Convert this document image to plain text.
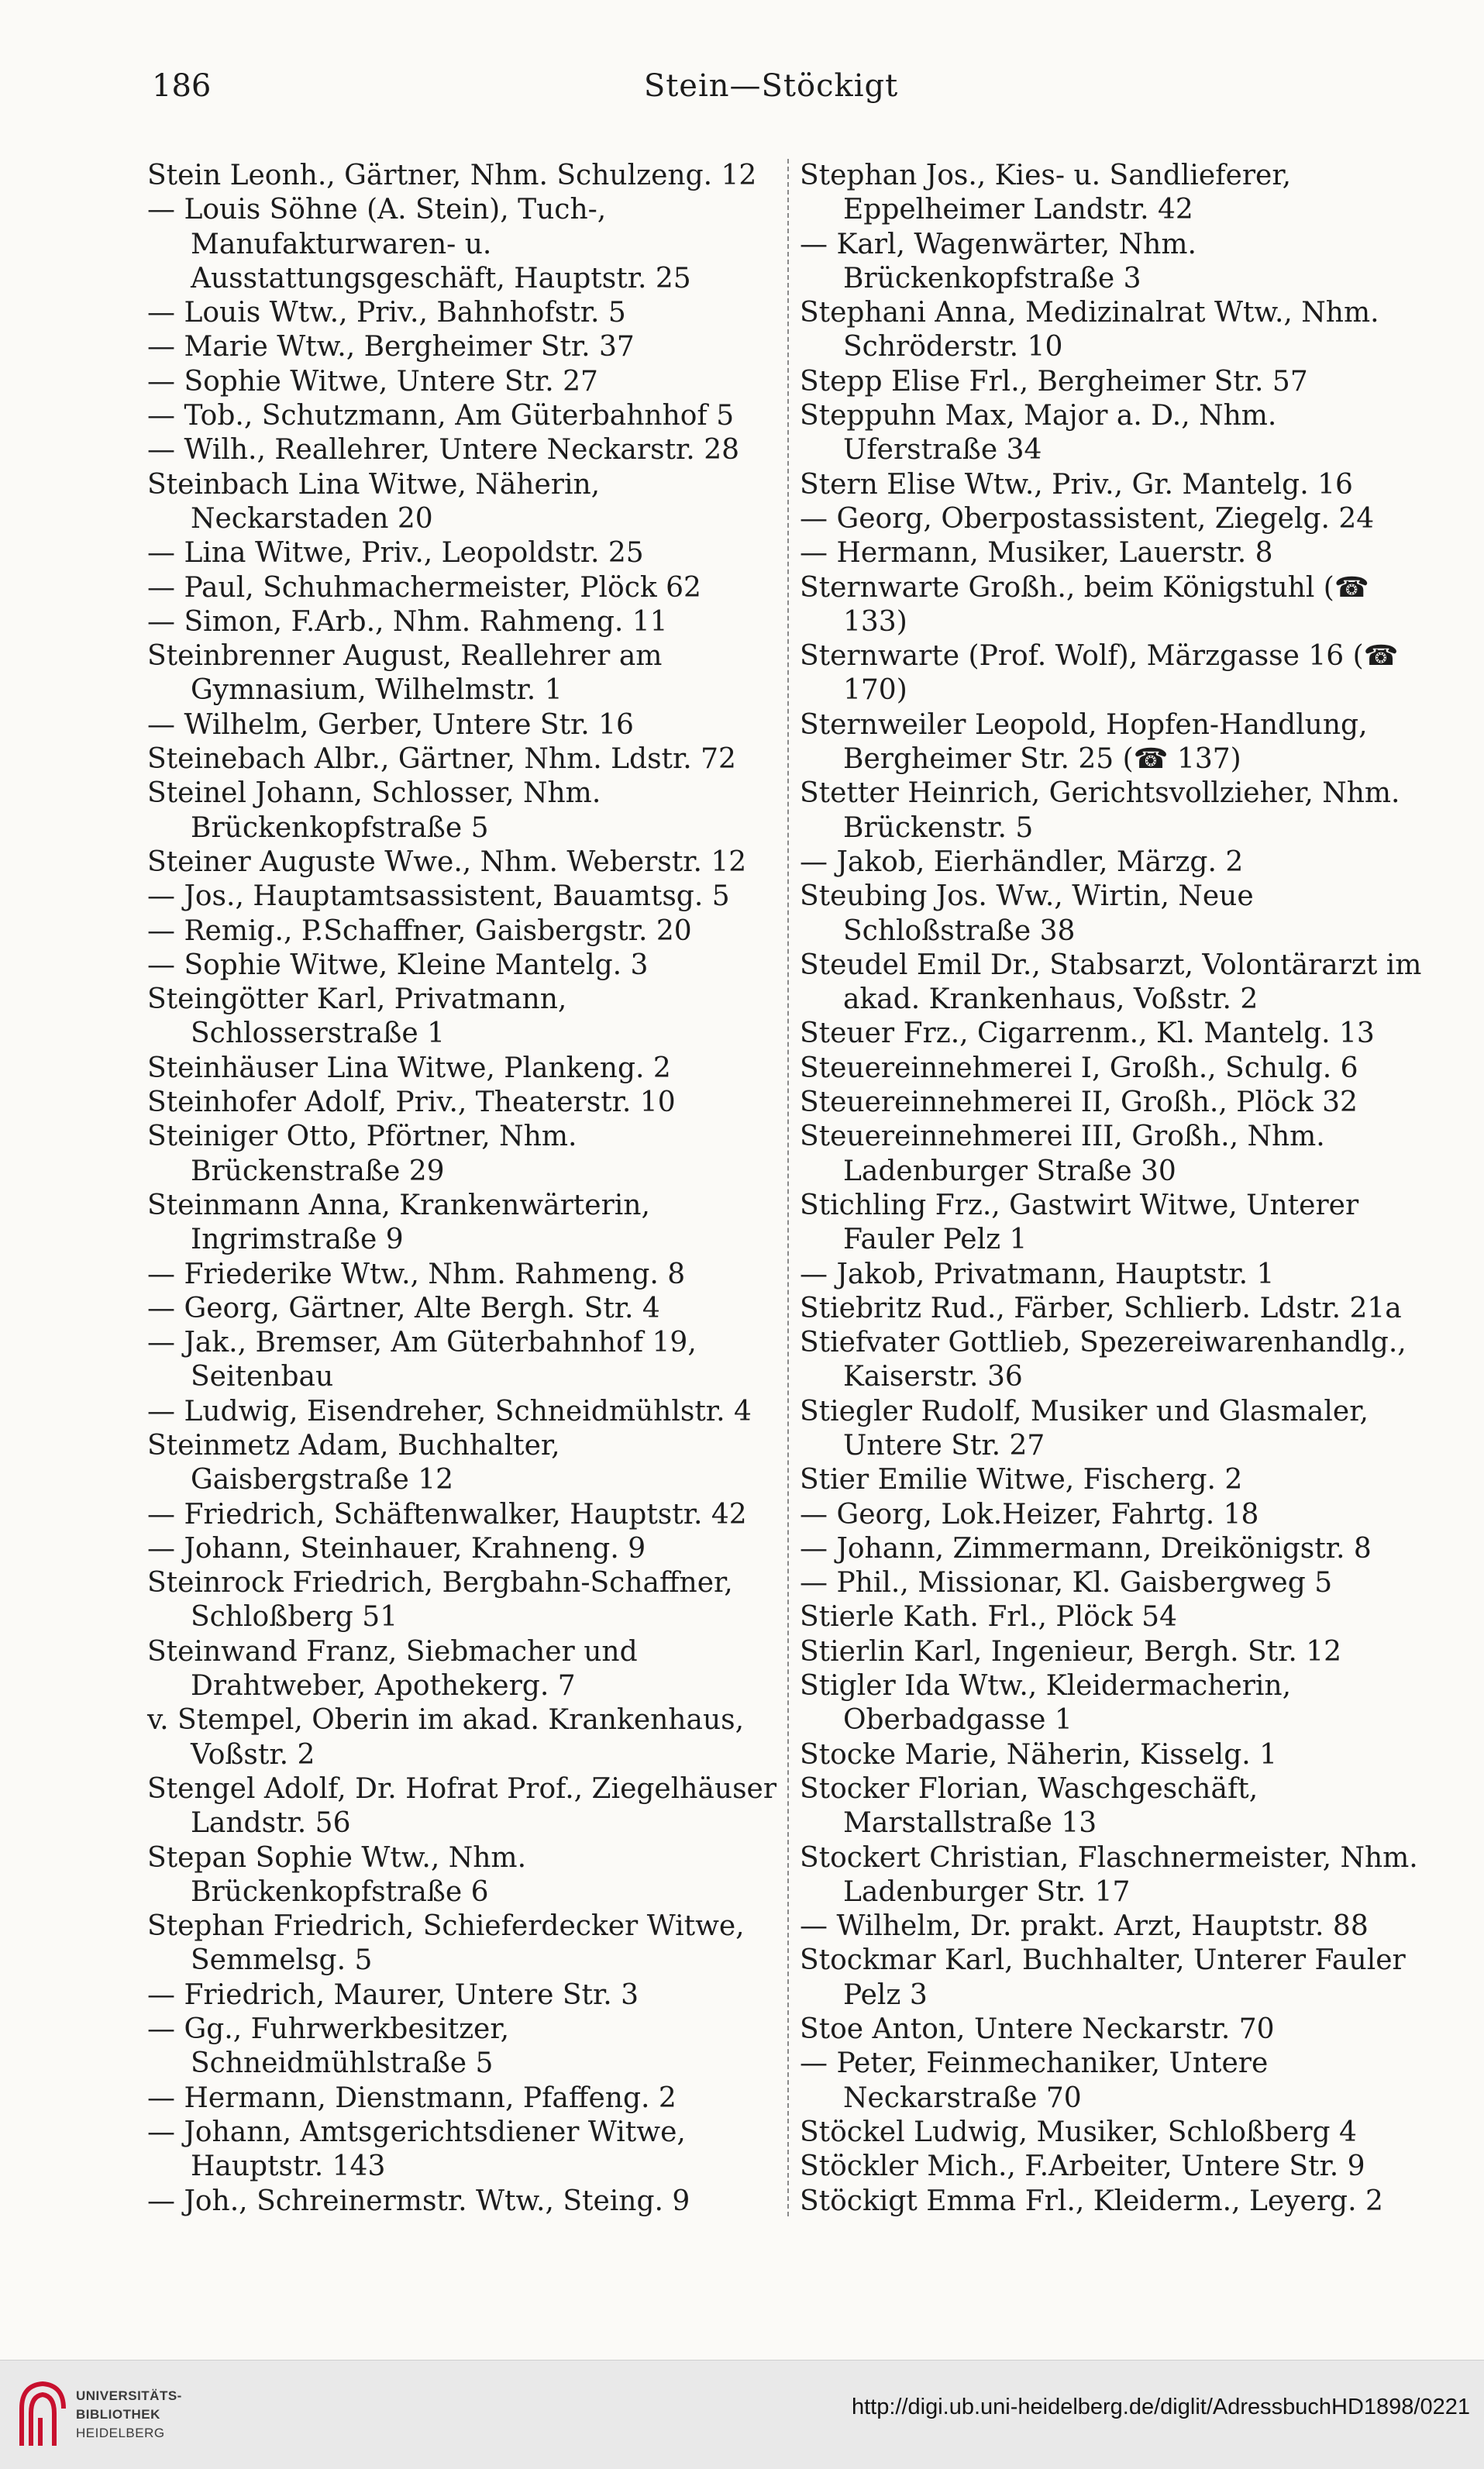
186	Stein—Stöckigt
Stein Leonh., Gärtner, Nhm. Schulzeng. 12
— Louis Söhne (A. Stein), Tuch-, Manufakturwaren- u. Ausstattungsgeschäft, Hauptstr. 25
— Louis Wtw., Priv., Bahnhofstr. 5
— Marie Wtw., Bergheimer Str. 37
— Sophie Witwe, Untere Str. 27
— Tob., Schutzmann, Am Güterbahnhof 5
— Wilh., Reallehrer, Untere Neckarstr. 28
Steinbach Lina Witwe, Näherin, Neckarstaden 20
— Lina Witwe, Priv., Leopoldstr. 25
— Paul, Schuhmachermeister, Plöck 62
— Simon, F.Arb., Nhm. Rahmeng. 11
Steinbrenner August, Reallehrer am Gymnasium, Wilhelmstr. 1
— Wilhelm, Gerber, Untere Str. 16
Steinebach Albr., Gärtner, Nhm. Ldstr. 72
Steinel Johann, Schlosser, Nhm. Brückenkopfstraße 5
Steiner Auguste Wwe., Nhm. Weberstr. 12
— Jos., Hauptamtsassistent, Bauamtsg. 5
— Remig., P.Schaffner, Gaisbergstr. 20
— Sophie Witwe, Kleine Mantelg. 3
Steingötter Karl, Privatmann, Schlosserstraße 1
Steinhäuser Lina Witwe, Plankeng. 2
Steinhofer Adolf, Priv., Theaterstr. 10
Steiniger Otto, Pförtner, Nhm. Brückenstraße 29
Steinmann Anna, Krankenwärterin, Ingrimstraße 9
— Friederike Wtw., Nhm. Rahmeng. 8
— Georg, Gärtner, Alte Bergh. Str. 4
— Jak., Bremser, Am Güterbahnhof 19, Seitenbau
— Ludwig, Eisendreher, Schneidmühlstr. 4
Steinmetz Adam, Buchhalter, Gaisbergstraße 12
— Friedrich, Schäftenwalker, Hauptstr. 42
— Johann, Steinhauer, Krahneng. 9
Steinrock Friedrich, Bergbahn-Schaffner, Schloßberg 51
Steinwand Franz, Siebmacher und Drahtweber, Apothekerg. 7
v. Stempel, Oberin im akad. Krankenhaus, Voßstr. 2
Stengel Adolf, Dr. Hofrat Prof., Ziegelhäuser Landstr. 56
Stepan Sophie Wtw., Nhm. Brückenkopfstraße 6
Stephan Friedrich, Schieferdecker Witwe, Semmelsg. 5
— Friedrich, Maurer, Untere Str. 3
— Gg., Fuhrwerkbesitzer, Schneidmühlstraße 5
— Hermann, Dienstmann, Pfaffeng. 2
— Johann, Amtsgerichtsdiener Witwe, Hauptstr. 143
— Joh., Schreinermstr. Wtw., Steing. 9
Stephan Jos., Kies- u. Sandlieferer, Eppelheimer Landstr. 42
— Karl, Wagenwärter, Nhm. Brückenkopfstraße 3
Stephani Anna, Medizinalrat Wtw., Nhm. Schröderstr. 10
Stepp Elise Frl., Bergheimer Str. 57
Steppuhn Max, Major a. D., Nhm. Uferstraße 34
Stern Elise Wtw., Priv., Gr. Mantelg. 16
— Georg, Oberpostassistent, Ziegelg. 24
— Hermann, Musiker, Lauerstr. 8
Sternwarte Großh., beim Königstuhl (☎ 133)
Sternwarte (Prof. Wolf), Märzgasse 16 (☎ 170)
Sternweiler Leopold, Hopfen-Handlung, Bergheimer Str. 25 (☎ 137)
Stetter Heinrich, Gerichtsvollzieher, Nhm. Brückenstr. 5
— Jakob, Eierhändler, Märzg. 2
Steubing Jos. Ww., Wirtin, Neue Schloßstraße 38
Steudel Emil Dr., Stabsarzt, Volontärarzt im akad. Krankenhaus, Voßstr. 2
Steuer Frz., Cigarrenm., Kl. Mantelg. 13
Steuereinnehmerei I, Großh., Schulg. 6
Steuereinnehmerei II, Großh., Plöck 32
Steuereinnehmerei III, Großh., Nhm. Ladenburger Straße 30
Stichling Frz., Gastwirt Witwe, Unterer Fauler Pelz 1
— Jakob, Privatmann, Hauptstr. 1
Stiebritz Rud., Färber, Schlierb. Ldstr. 21a
Stiefvater Gottlieb, Spezereiwarenhandlg., Kaiserstr. 36
Stiegler Rudolf, Musiker und Glasmaler, Untere Str. 27
Stier Emilie Witwe, Fischerg. 2
— Georg, Lok.Heizer, Fahrtg. 18
— Johann, Zimmermann, Dreikönigstr. 8
— Phil., Missionar, Kl. Gaisbergweg 5
Stierle Kath. Frl., Plöck 54
Stierlin Karl, Ingenieur, Bergh. Str. 12
Stigler Ida Wtw., Kleidermacherin, Oberbadgasse 1
Stocke Marie, Näherin, Kisselg. 1
Stocker Florian, Waschgeschäft, Marstallstraße 13
Stockert Christian, Flaschnermeister, Nhm. Ladenburger Str. 17
— Wilhelm, Dr. prakt. Arzt, Hauptstr. 88
Stockmar Karl, Buchhalter, Unterer Fauler Pelz 3
Stoe Anton, Untere Neckarstr. 70
— Peter, Feinmechaniker, Untere Neckarstraße 70
Stöckel Ludwig, Musiker, Schloßberg 4
Stöckler Mich., F.Arbeiter, Untere Str. 9
Stöckigt Emma Frl., Kleiderm., Leyerg. 2
UNIVERSITÄTS-
BIBLIOTHEK
HEIDELBERG
http://digi.ub.uni-heidelberg.de/diglit/AdressbuchHD1898/0221
